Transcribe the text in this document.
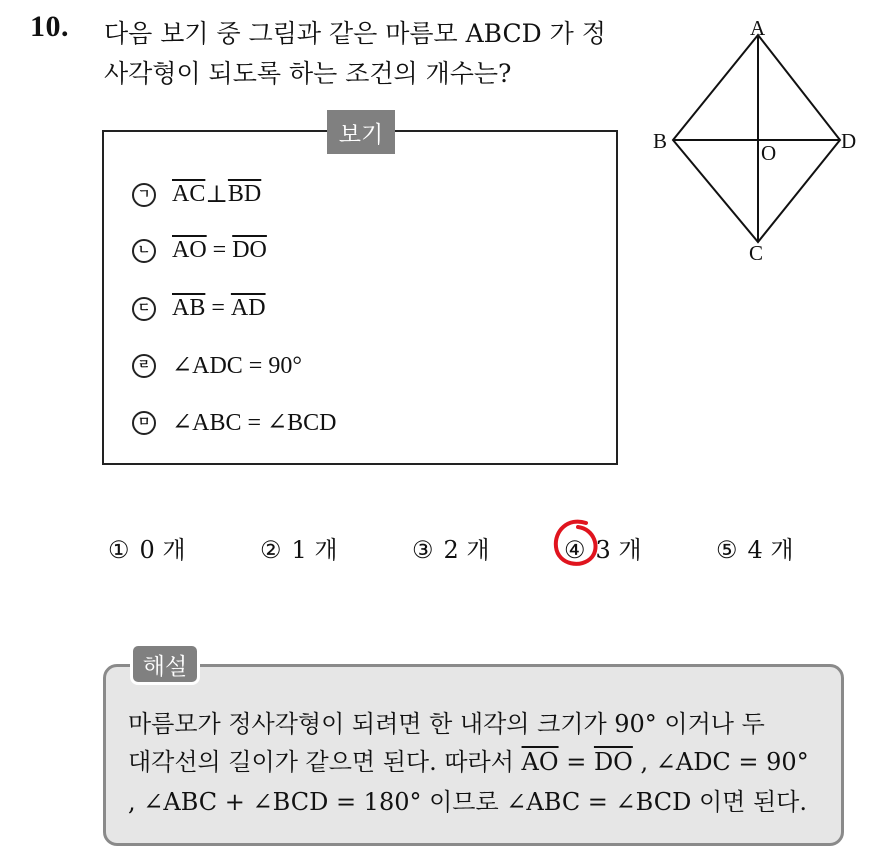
10. 다음 보기 중 그림과 같은 마름모 ABCD 가 정
사각형이 되도록 하는 조건의 개수는?
A
B	D
C
O
보기
ㄱ $\overline{AC}$ ⊥ $\overline{BD}$
ㄴ $\overline{AO} = \overline{DO}$
ㄷ $\overline{AB} = \overline{AD}$
ㄹ ∠ADC = 90°
ㅁ ∠ABC = ∠BCD
① 0 개	② 1 개	③ 2 개	④ 3 개	⑤ 4 개
해설
마름모가 정사각형이 되려면 한 내각의 크기가 90° 이거나 두
대각선의 길이가 같으면 된다. 따라서 $\overline{AO} = \overline{DO}$ , ∠ADC = 90°
, ∠ABC + ∠BCD = 180° 이므로 ∠ABC = ∠BCD 이면 된다.
